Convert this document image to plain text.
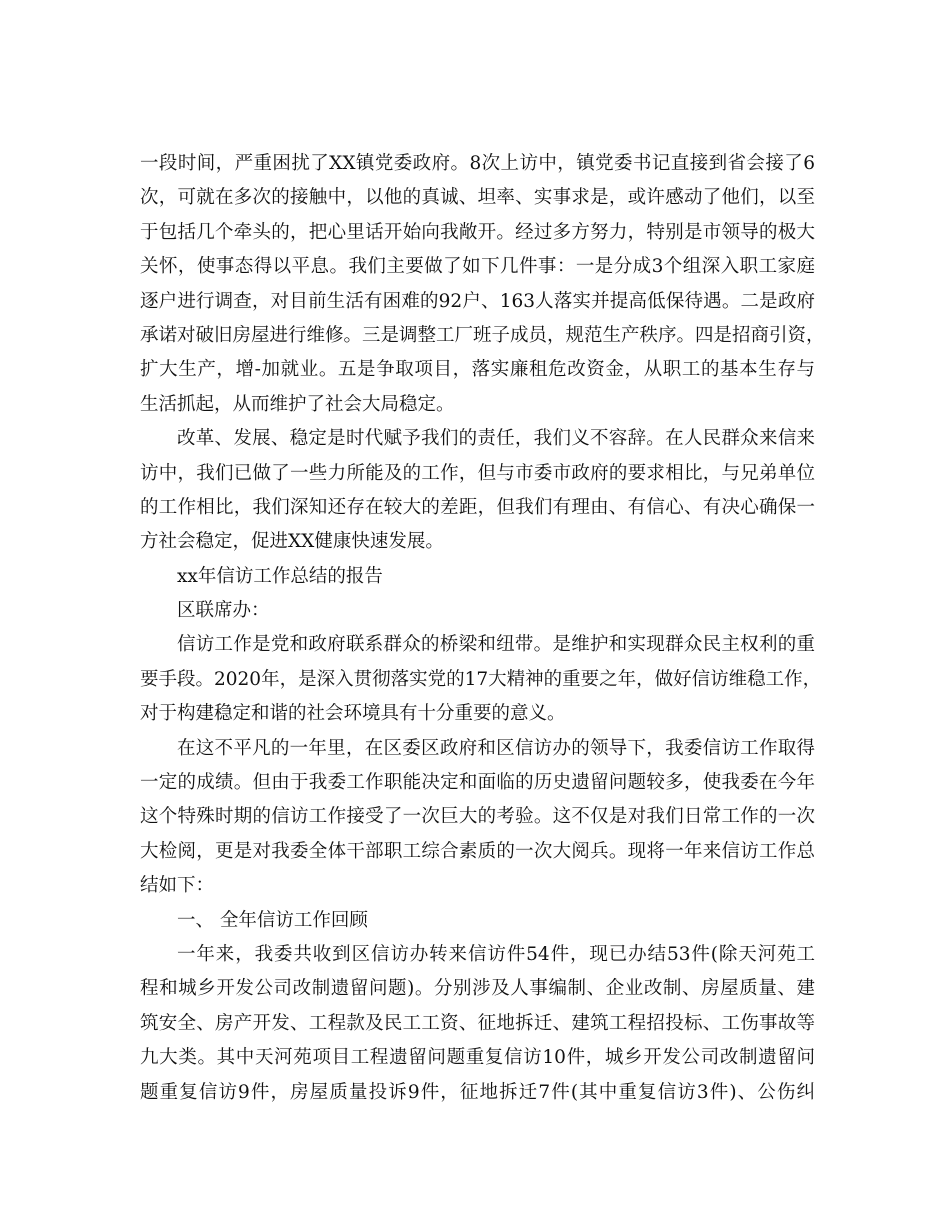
一段时间，严重困扰了XX镇党委政府。8次上访中，镇党委书记直接到省会接了6
次，可就在多次的接触中，以他的真诚、坦率、实事求是，或许感动了他们，以至
于包括几个牵头的，把心里话开始向我敞开。经过多方努力，特别是市领导的极大
关怀，使事态得以平息。我们主要做了如下几件事：一是分成3个组深入职工家庭
逐户进行调查，对目前生活有困难的92户、163人落实并提高低保待遇。二是政府
承诺对破旧房屋进行维修。三是调整工厂班子成员，规范生产秩序。四是招商引资，
扩大生产，增-加就业。五是争取项目，落实廉租危改资金，从职工的基本生存与
生活抓起，从而维护了社会大局稳定。
改革、发展、稳定是时代赋予我们的责任，我们义不容辞。在人民群众来信来
访中，我们已做了一些力所能及的工作，但与市委市政府的要求相比，与兄弟单位
的工作相比，我们深知还存在较大的差距，但我们有理由、有信心、有决心确保一
方社会稳定，促进XX健康快速发展。
xx年信访工作总结的报告
区联席办：
信访工作是党和政府联系群众的桥梁和纽带。是维护和实现群众民主权利的重
要手段。2020年，是深入贯彻落实党的17大精神的重要之年，做好信访维稳工作，
对于构建稳定和谐的社会环境具有十分重要的意义。
在这不平凡的一年里，在区委区政府和区信访办的领导下，我委信访工作取得
一定的成绩。但由于我委工作职能决定和面临的历史遗留问题较多，使我委在今年
这个特殊时期的信访工作接受了一次巨大的考验。这不仅是对我们日常工作的一次
大检阅，更是对我委全体干部职工综合素质的一次大阅兵。现将一年来信访工作总
结如下：
一、 全年信访工作回顾
一年来，我委共收到区信访办转来信访件54件，现已办结53件(除天河苑工
程和城乡开发公司改制遗留问题)。分别涉及人事编制、企业改制、房屋质量、建
筑安全、房产开发、工程款及民工工资、征地拆迁、建筑工程招投标、工伤事故等
九大类。其中天河苑项目工程遗留问题重复信访10件，城乡开发公司改制遗留问
题重复信访9件，房屋质量投诉9件，征地拆迁7件(其中重复信访3件)、公伤纠
